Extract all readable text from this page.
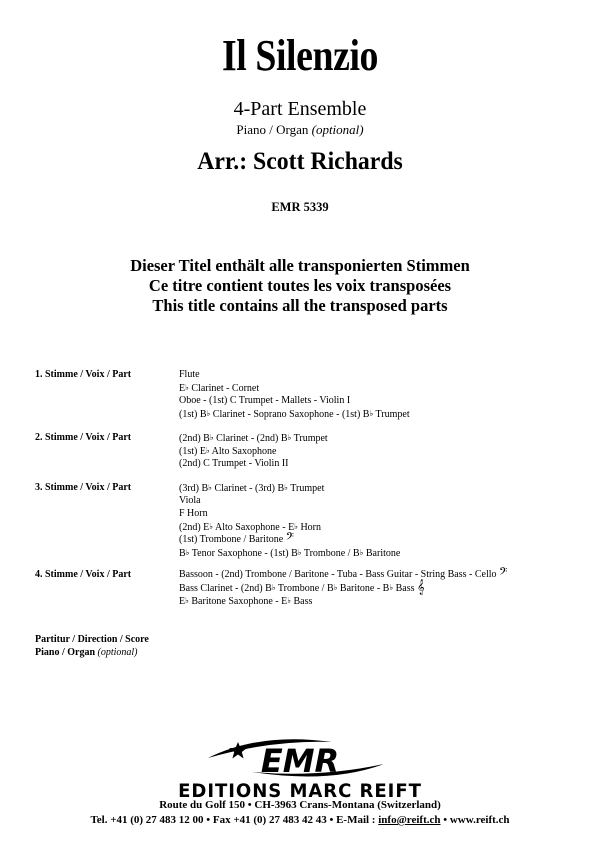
Il Silenzio
4-Part Ensemble
Piano / Organ (optional)
Arr.: Scott Richards
EMR 5339
Dieser Titel enthält alle transponierten Stimmen
Ce titre contient toutes les voix transposées
This title contains all the transposed parts
1. Stimme / Voix / Part	Flute
E♭ Clarinet - Cornet
Oboe - (1st) C Trumpet - Mallets - Violin I
(1st) B♭ Clarinet - Soprano Saxophone - (1st) B♭ Trumpet
2. Stimme / Voix / Part	(2nd) B♭ Clarinet - (2nd) B♭ Trumpet
(1st) E♭ Alto Saxophone
(2nd) C Trumpet - Violin II
3. Stimme / Voix / Part	(3rd) B♭ Clarinet - (3rd) B♭ Trumpet
Viola
F Horn
(2nd) E♭ Alto Saxophone - E♭ Horn
(1st) Trombone / Baritone 𝄢
B♭ Tenor Saxophone - (1st) B♭ Trombone / B♭ Baritone
4. Stimme / Voix / Part	Bassoon - (2nd) Trombone / Baritone - Tuba - Bass Guitar - String Bass - Cello 𝄢
Bass Clarinet - (2nd) B♭ Trombone / B♭ Baritone - B♭ Bass 𝄞
E♭ Baritone Saxophone - E♭ Bass
Partitur / Direction / Score
Piano / Organ (optional)
EMR
EDITIONS MARC REIFT
Route du Golf 150 • CH-3963 Crans-Montana (Switzerland)
Tel. +41 (0) 27 483 12 00 • Fax +41 (0) 27 483 42 43 • E-Mail : info@reift.ch • www.reift.ch
